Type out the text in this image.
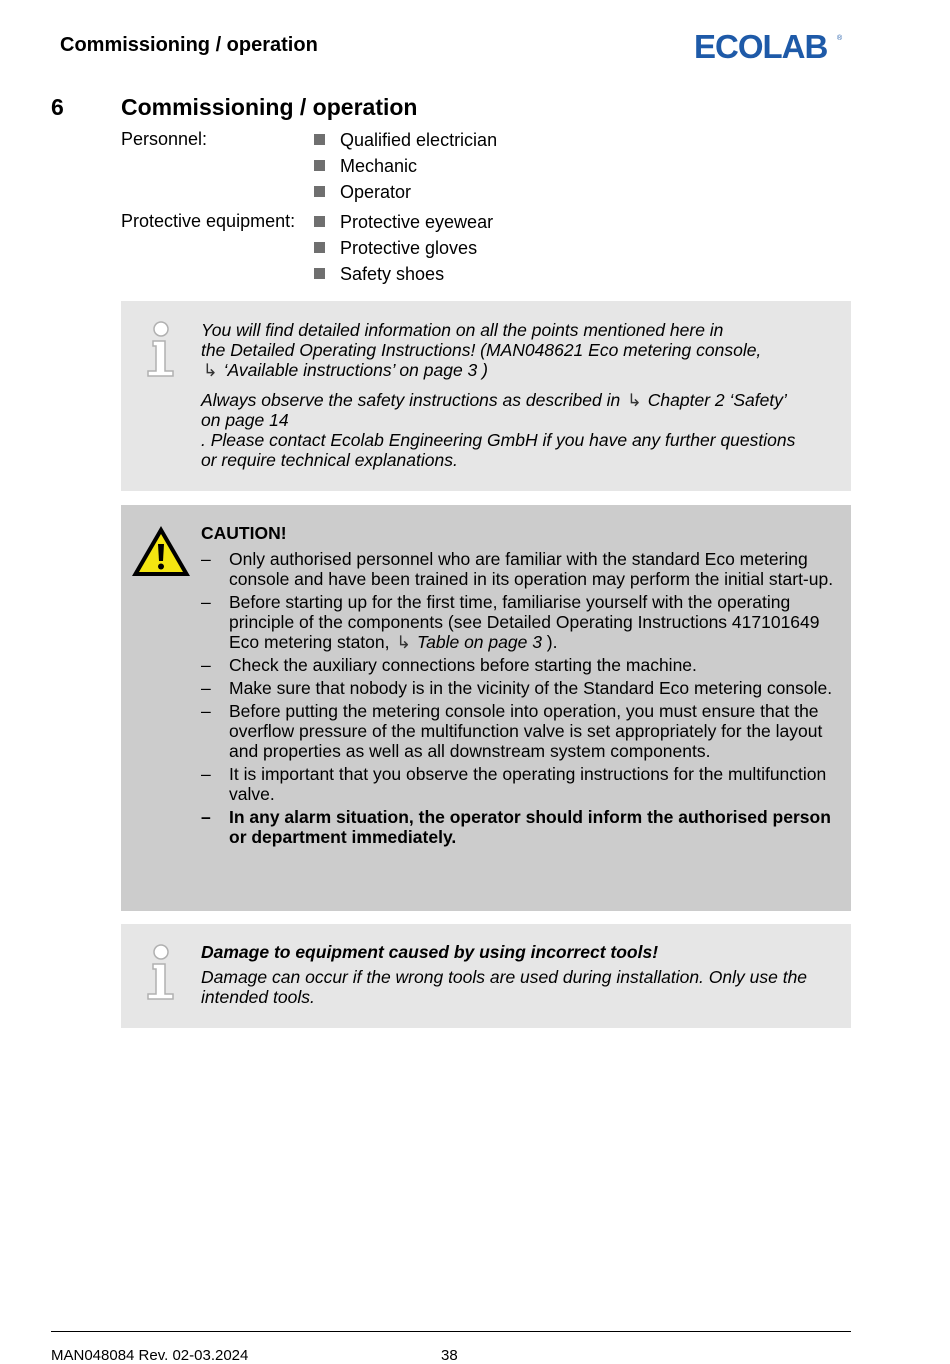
Commissioning / operation	ECOLAB ®
6 Commissioning / operation
Personnel:	Qualified electrician
Mechanic
Operator
Protective equipment:	Protective eyewear
Protective gloves
Safety shoes

You will find detailed information on all the points mentioned here in
the Detailed Operating Instructions! (MAN048621 Eco metering console,
↳ ‘Available instructions’ on page 3 )

Always observe the safety instructions as described in ↳ Chapter 2 ‘Safety’
on page 14
. Please contact Ecolab Engineering GmbH if you have any further questions
or require technical explanations.

CAUTION!

– Only authorised personnel who are familiar with the standard Eco metering console and have been trained in its operation may perform the initial start-up.
– Before starting up for the first time, familiarise yourself with the operating principle of the components (see Detailed Operating Instructions 417101649 Eco metering staton, ↳ Table on page 3 ).
– Check the auxiliary connections before starting the machine.
– Make sure that nobody is in the vicinity of the Standard Eco metering console.
– Before putting the metering console into operation, you must ensure that the overflow pressure of the multifunction valve is set appropriately for the layout and properties as well as all downstream system components.
– It is important that you observe the operating instructions for the multifunction valve.
– In any alarm situation, the operator should inform the authorised person or department immediately.

Damage to equipment caused by using incorrect tools!

Damage can occur if the wrong tools are used during installation. Only use the intended tools.

MAN048084 Rev. 02-03.2024	38
